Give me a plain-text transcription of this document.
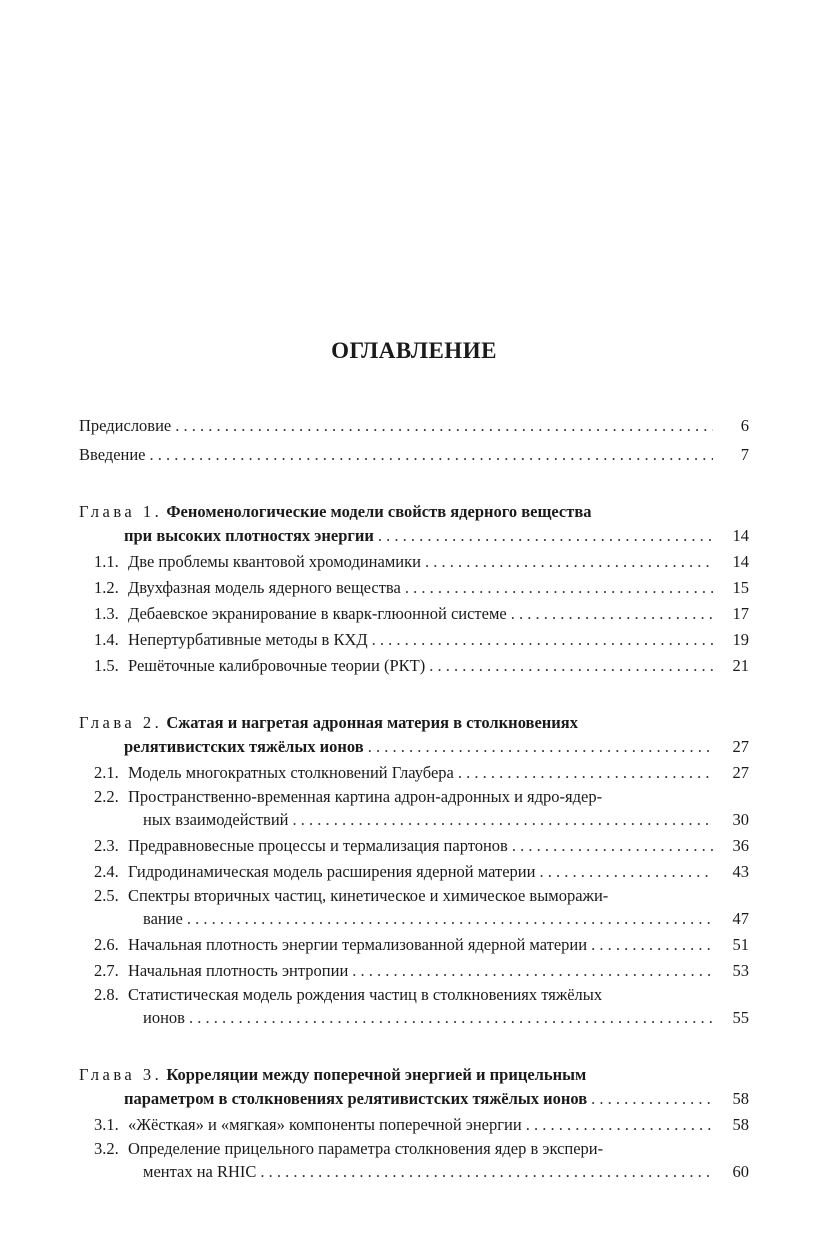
ОГЛАВЛЕНИЕ
Предисловие . . .	6
Введение . . .	7
Глава 1. Феноменологические модели свойств ядерного вещества
при высоких плотностях энергии . . .	14
1.1. Две проблемы квантовой хромодинамики . . .	14
1.2. Двухфазная модель ядерного вещества . . .	15
1.3. Дебаевское экранирование в кварк-глюонной системе . . .	17
1.4. Непертурбативные методы в КХД . . .	19
1.5. Решёточные калибровочные теории (РКТ) . . .	21
Глава 2. Сжатая и нагретая адронная материя в столкновениях
релятивистских тяжёлых ионов . . .	27
2.1. Модель многократных столкновений Глаубера . . .	27
2.2. Пространственно-временная картина адрон-адронных и ядро-ядер-
ных взаимодействий . . .	30
2.3. Предравновесные процессы и термализация партонов . . .	36
2.4. Гидродинамическая модель расширения ядерной материи . . .	43
2.5. Спектры вторичных частиц, кинетическое и химическое выморажи-
вание . . .	47
2.6. Начальная плотность энергии термализованной ядерной материи . . .	51
2.7. Начальная плотность энтропии . . .	53
2.8. Статистическая модель рождения частиц в столкновениях тяжёлых
ионов . . .	55
Глава 3. Корреляции между поперечной энергией и прицельным
параметром в столкновениях релятивистских тяжёлых ионов . . .	58
3.1. «Жёсткая» и «мягкая» компоненты поперечной энергии . . .	58
3.2. Определение прицельного параметра столкновения ядер в экспери-
ментах на RHIC . . .	60
